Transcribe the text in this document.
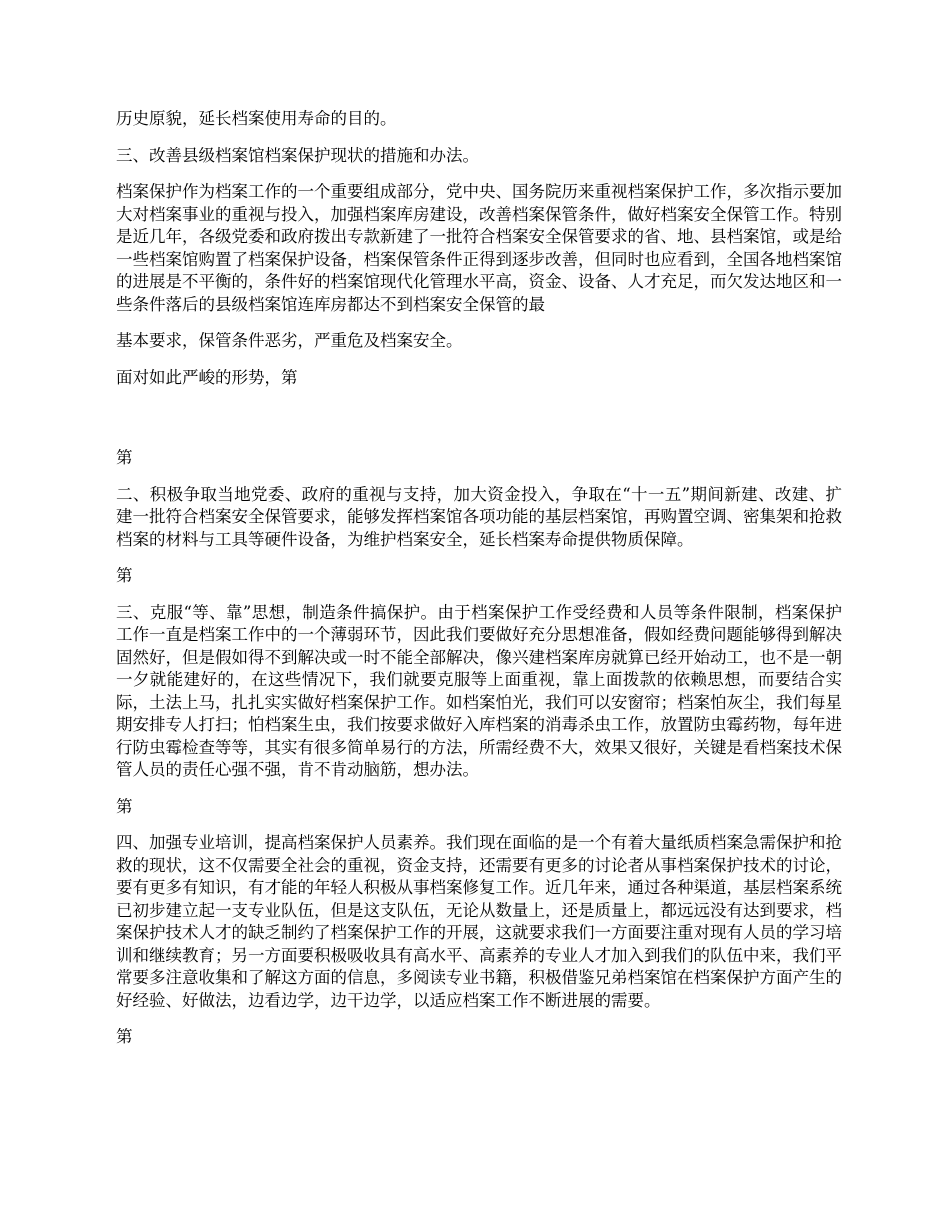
历史原貌，延长档案使用寿命的目的。

三、改善县级档案馆档案保护现状的措施和办法。

档案保护作为档案工作的一个重要组成部分，党中央、国务院历来重视档案保护工作，多次指示要加大对档案事业的重视与投入，加强档案库房建设，改善档案保管条件，做好档案安全保管工作。特别是近几年，各级党委和政府拨出专款新建了一批符合档案安全保管要求的省、地、县档案馆，或是给一些档案馆购置了档案保护设备，档案保管条件正得到逐步改善，但同时也应看到，全国各地档案馆的进展是不平衡的，条件好的档案馆现代化管理水平高，资金、设备、人才充足，而欠发达地区和一些条件落后的县级档案馆连库房都达不到档案安全保管的最

基本要求，保管条件恶劣，严重危及档案安全。

面对如此严峻的形势，第

第

二、积极争取当地党委、政府的重视与支持，加大资金投入，争取在“十一五”期间新建、改建、扩建一批符合档案安全保管要求，能够发挥档案馆各项功能的基层档案馆，再购置空调、密集架和抢救档案的材料与工具等硬件设备，为维护档案安全，延长档案寿命提供物质保障。

第

三、克服“等、靠”思想，制造条件搞保护。由于档案保护工作受经费和人员等条件限制，档案保护工作一直是档案工作中的一个薄弱环节，因此我们要做好充分思想准备，假如经费问题能够得到解决固然好，但是假如得不到解决或一时不能全部解决，像兴建档案库房就算已经开始动工，也不是一朝一夕就能建好的，在这些情况下，我们就要克服等上面重视，靠上面拨款的依赖思想，而要结合实际，土法上马，扎扎实实做好档案保护工作。如档案怕光，我们可以安窗帘；档案怕灰尘，我们每星期安排专人打扫；怕档案生虫，我们按要求做好入库档案的消毒杀虫工作，放置防虫霉药物，每年进行防虫霉检查等等，其实有很多简单易行的方法，所需经费不大，效果又很好，关键是看档案技术保管人员的责任心强不强，肯不肯动脑筋，想办法。

第

四、加强专业培训，提高档案保护人员素养。我们现在面临的是一个有着大量纸质档案急需保护和抢救的现状，这不仅需要全社会的重视，资金支持，还需要有更多的讨论者从事档案保护技术的讨论，要有更多有知识，有才能的年轻人积极从事档案修复工作。近几年来，通过各种渠道，基层档案系统已初步建立起一支专业队伍，但是这支队伍，无论从数量上，还是质量上，都远远没有达到要求，档案保护技术人才的缺乏制约了档案保护工作的开展，这就要求我们一方面要注重对现有人员的学习培训和继续教育；另一方面要积极吸收具有高水平、高素养的专业人才加入到我们的队伍中来，我们平常要多注意收集和了解这方面的信息，多阅读专业书籍，积极借鉴兄弟档案馆在档案保护方面产生的好经验、好做法，边看边学，边干边学，以适应档案工作不断进展的需要。

第
